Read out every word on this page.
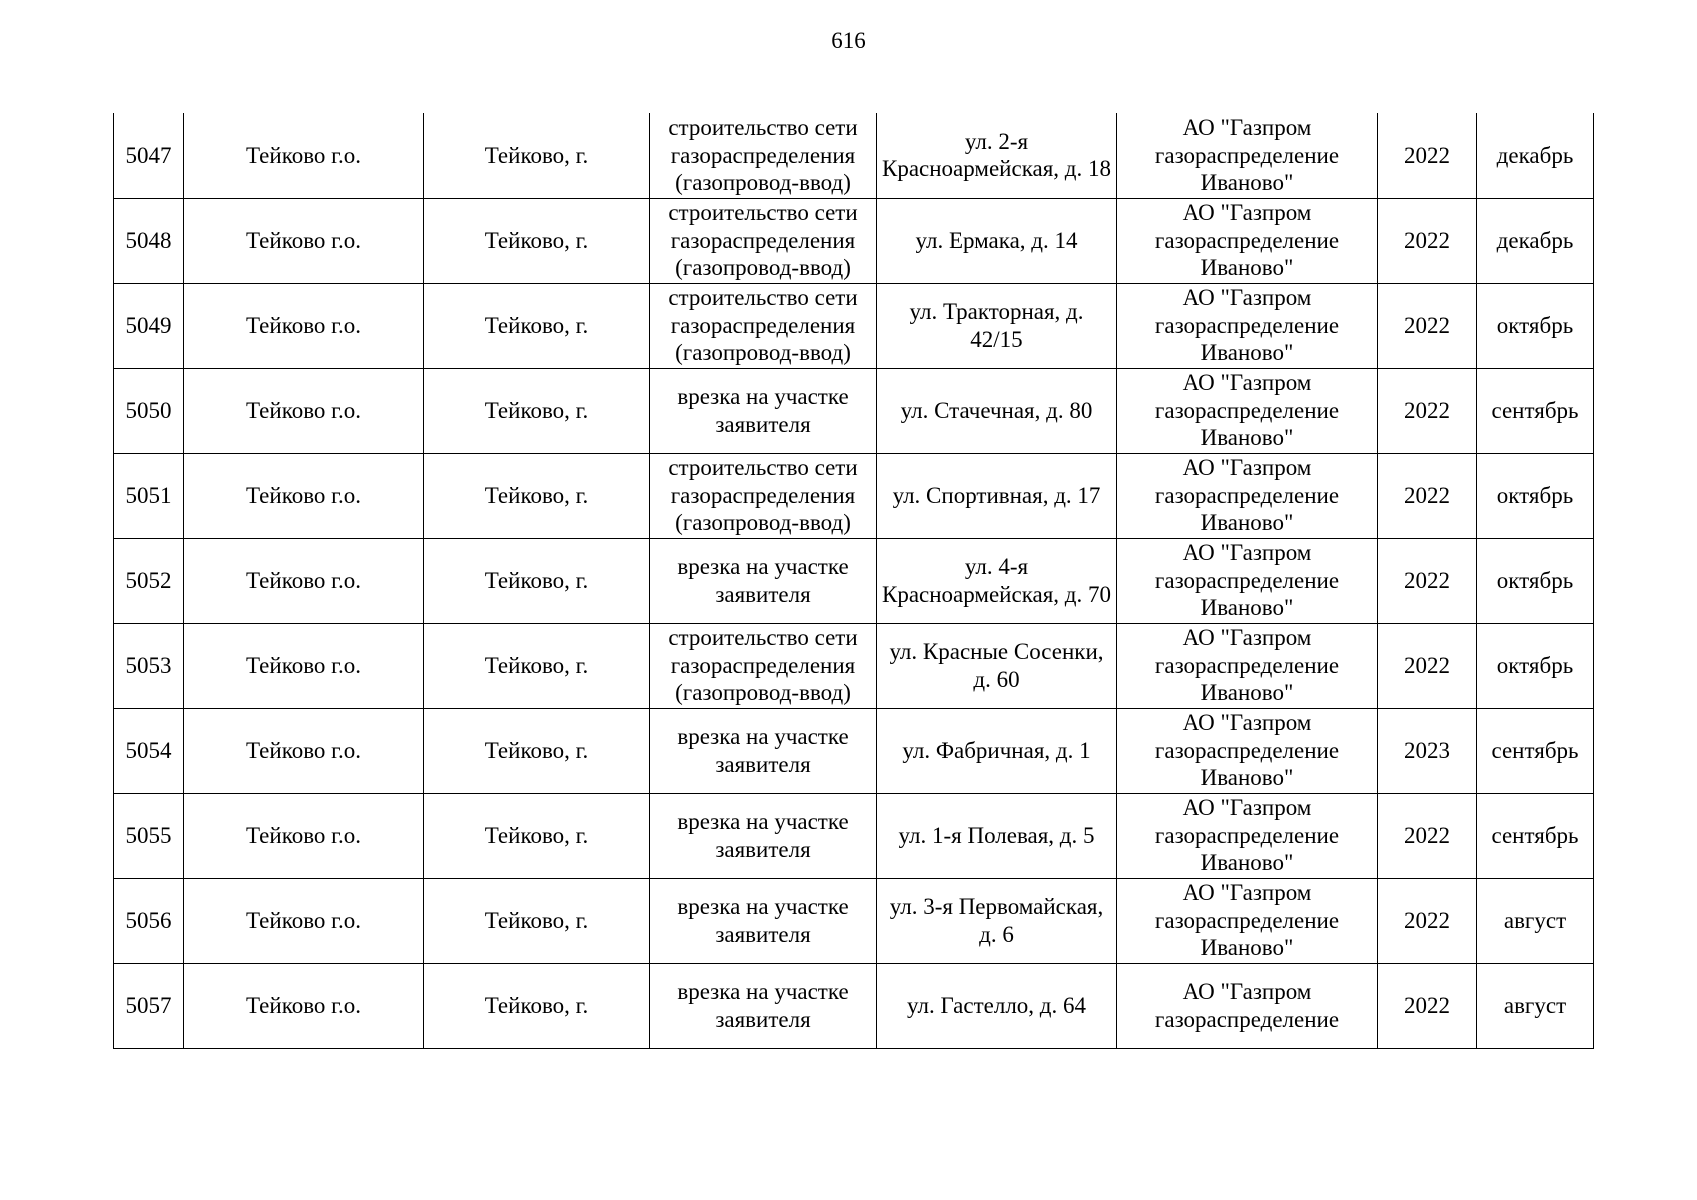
616
5047	Тейково г.о.	Тейково, г.	строительство сети газораспределения (газопровод-ввод)	ул. 2-я Красноармейская, д. 18	АО "Газпром газораспределение Иваново"	2022	декабрь

5048	Тейково г.о.	Тейково, г.	строительство сети газораспределения (газопровод-ввод)	ул. Ермака, д. 14	АО "Газпром газораспределение Иваново"	2022	декабрь

5049	Тейково г.о.	Тейково, г.	строительство сети газораспределения (газопровод-ввод)	ул. Тракторная, д. 42/15	АО "Газпром газораспределение Иваново"	2022	октябрь

5050	Тейково г.о.	Тейково, г.	врезка на участке заявителя	ул. Стачечная, д. 80	АО "Газпром газораспределение Иваново"	2022	сентябрь

5051	Тейково г.о.	Тейково, г.	строительство сети газораспределения (газопровод-ввод)	ул. Спортивная, д. 17	АО "Газпром газораспределение Иваново"	2022	октябрь

5052	Тейково г.о.	Тейково, г.	врезка на участке заявителя	ул. 4-я Красноармейская, д. 70	АО "Газпром газораспределение Иваново"	2022	октябрь

5053	Тейково г.о.	Тейково, г.	строительство сети газораспределения (газопровод-ввод)	ул. Красные Сосенки, д. 60	АО "Газпром газораспределение Иваново"	2022	октябрь

5054	Тейково г.о.	Тейково, г.	врезка на участке заявителя	ул. Фабричная, д. 1	АО "Газпром газораспределение Иваново"	2023	сентябрь

5055	Тейково г.о.	Тейково, г.	врезка на участке заявителя	ул. 1-я Полевая, д. 5	АО "Газпром газораспределение Иваново"	2022	сентябрь

5056	Тейково г.о.	Тейково, г.	врезка на участке заявителя	ул. 3-я Первомайская, д. 6	АО "Газпром газораспределение Иваново"	2022	август

5057	Тейково г.о.	Тейково, г.	врезка на участке заявителя	ул. Гастелло, д. 64	АО "Газпром газораспределение	2022	август
